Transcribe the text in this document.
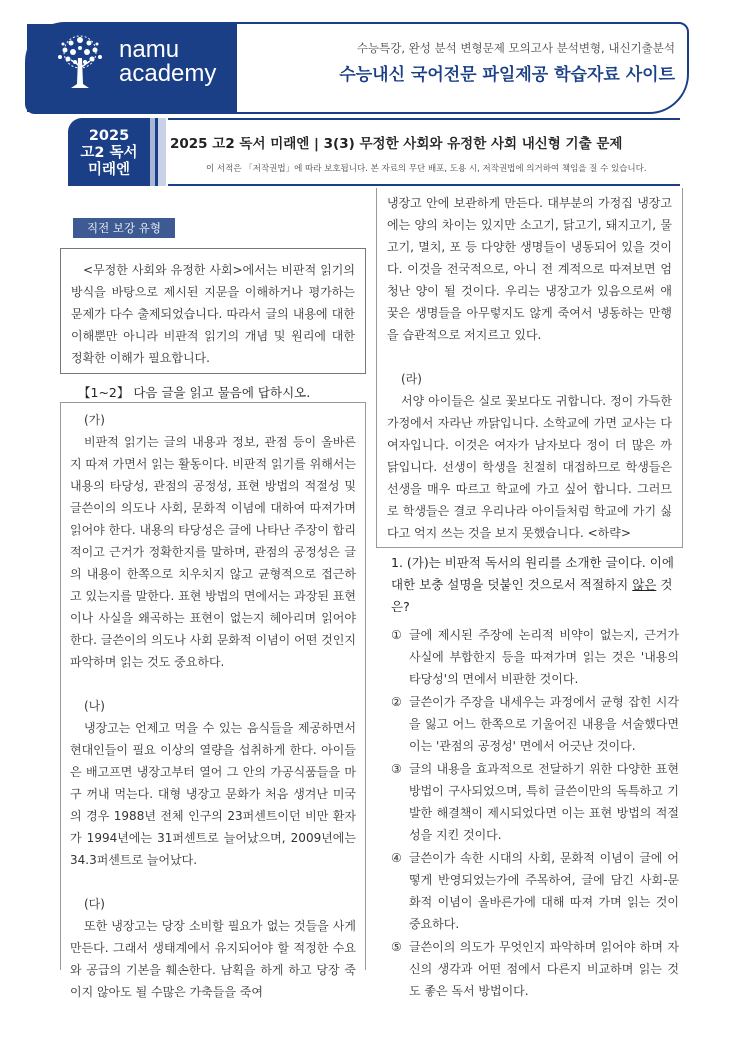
namu
academy
수능특강, 완성 분석 변형문제 모의고사 분석변형, 내신기출분석
수능내신 국어전문 파일제공 학습자료 사이트
2025
고2 독서
미래엔
2025 고2 독서 미래엔 | 3(3) 무정한 사회와 유정한 사회 내신형 기출 문제
이 서적은 「저작권법」에 따라 보호됩니다. 본 자료의 무단 배포, 도용 시, 저작권법에 의거하여 책임을 질 수 있습니다.
직전 보강 유형
<무정한 사회와 유정한 사회>에서는 비판적 읽기의 방식을 바탕으로 제시된 지문을 이해하거나 평가하는 문제가 다수 출제되었습니다. 따라서 글의 내용에 대한 이해뿐만 아니라 비판적 읽기의 개념 및 원리에 대한 정확한 이해가 필요합니다.
【1~2】 다음 글을 읽고 물음에 답하시오.

(가)

비판적 읽기는 글의 내용과 정보, 관점 등이 올바른지 따져 가면서 읽는 활동이다. 비판적 읽기를 위해서는 내용의 타당성, 관점의 공정성, 표현 방법의 적절성 및 글쓴이의 의도나 사회, 문화적 이념에 대하여 따져가며 읽어야 한다. 내용의 타당성은 글에 나타난 주장이 합리적이고 근거가 정확한지를 말하며, 관점의 공정성은 글의 내용이 한쪽으로 치우치지 않고 균형적으로 접근하고 있는지를 말한다. 표현 방법의 면에서는 과장된 표현이나 사실을 왜곡하는 표현이 없는지 헤아리며 읽어야 한다. 글쓴이의 의도나 사회 문화적 이념이 어떤 것인지 파악하며 읽는 것도 중요하다.

(나)

냉장고는 언제고 먹을 수 있는 음식들을 제공하면서 현대인들이 필요 이상의 열량을 섭취하게 한다. 아이들은 배고프면 냉장고부터 열어 그 안의 가공식품들을 마구 꺼내 먹는다. 대형 냉장고 문화가 처음 생겨난 미국의 경우 1988년 전체 인구의 23퍼센트이던 비만 환자가 1994년에는 31퍼센트로 늘어났으며, 2009년에는 34.3퍼센트로 늘어났다.

(다)

또한 냉장고는 당장 소비할 필요가 없는 것들을 사게 만든다. 그래서 생태계에서 유지되어야 할 적정한 수요와 공급의 기본을 훼손한다. 남획을 하게 하고 당장 죽이지 않아도 될 수많은 가축들을 죽여

냉장고 안에 보관하게 만든다. 대부분의 가정집 냉장고에는 양의 차이는 있지만 소고기, 닭고기, 돼지고기, 물고기, 멸치, 포 등 다양한 생명들이 냉동되어 있을 것이다. 이것을 전국적으로, 아니 전 계적으로 따져보면 엄청난 양이 될 것이다. 우리는 냉장고가 있음으로써 애꿎은 생명들을 아무렇지도 않게 죽여서 냉동하는 만행을 습관적으로 저지르고 있다.

(라)

서양 아이들은 실로 꽃보다도 귀합니다. 정이 가득한 가정에서 자라난 까닭입니다. 소학교에 가면 교사는 다 여자입니다. 이것은 여자가 남자보다 정이 더 많은 까닭입니다. 선생이 학생을 친절히 대접하므로 학생들은 선생을 매우 따르고 학교에 가고 싶어 합니다. 그러므로 학생들은 결코 우리나라 아이들처럼 학교에 가기 싫다고 억지 쓰는 것을 보지 못했습니다. <하략>

1. (가)는 비판적 독서의 원리를 소개한 글이다. 이에 대한 보충 설명을 덧붙인 것으로서 적절하지 않은 것은?

① 글에 제시된 주장에 논리적 비약이 없는지, 근거가 사실에 부합한지 등을 따져가며 읽는 것은 '내용의 타당성'의 면에서 비판한 것이다.
② 글쓴이가 주장을 내세우는 과정에서 균형 잡힌 시각을 잃고 어느 한쪽으로 기울어진 내용을 서술했다면 이는 '관점의 공정성' 면에서 어긋난 것이다.
③ 글의 내용을 효과적으로 전달하기 위한 다양한 표현 방법이 구사되었으며, 특히 글쓴이만의 독특하고 기발한 해결책이 제시되었다면 이는 표현 방법의 적절성을 지킨 것이다.
④ 글쓴이가 속한 시대의 사회, 문화적 이념이 글에 어떻게 반영되었는가에 주목하여, 글에 담긴 사회-문화적 이념이 올바른가에 대해 따져 가며 읽는 것이 중요하다.
⑤ 글쓴이의 의도가 무엇인지 파악하며 읽어야 하며 자신의 생각과 어떤 점에서 다른지 비교하며 읽는 것도 좋은 독서 방법이다.
